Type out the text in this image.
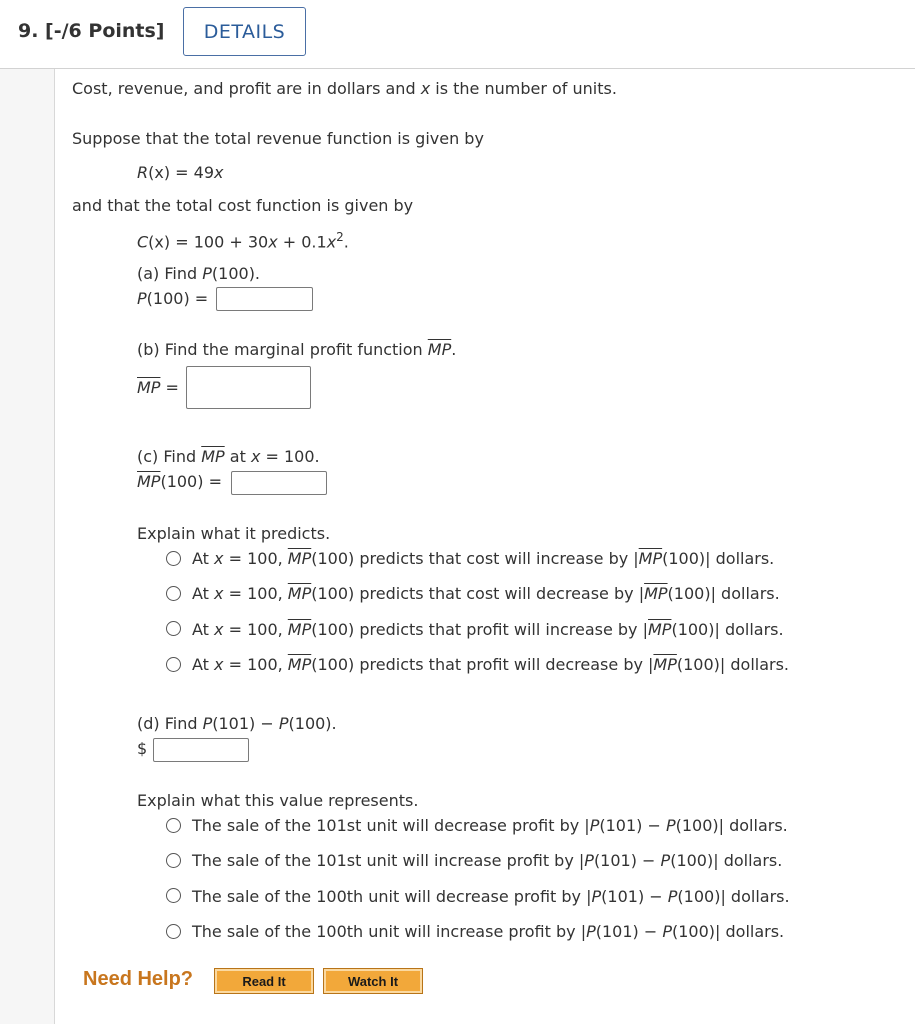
9. [-/6 Points]	DETAILS
Cost, revenue, and profit are in dollars and x is the number of units.
Suppose that the total revenue function is given by
R(x) = 49x
and that the total cost function is given by
$C(x) = 100 + 30x + 0.1x^2$.
(a) Find P(100).
P(100) =
(b) Find the marginal profit function $\overline{MP}$.
$\overline{MP}$ =
(c) Find $\overline{MP}$ at x = 100.
$\overline{MP}(100)$ =
Explain what it predicts.
At x = 100, $\overline{MP}(100)$ predicts that cost will increase by $|\overline{MP}(100)|$ dollars.
At x = 100, $\overline{MP}(100)$ predicts that cost will decrease by $|\overline{MP}(100)|$ dollars.
At x = 100, $\overline{MP}(100)$ predicts that profit will increase by $|\overline{MP}(100)|$ dollars.
At x = 100, $\overline{MP}(100)$ predicts that profit will decrease by $|\overline{MP}(100)|$ dollars.
(d) Find P(101) − P(100).
$
Explain what this value represents.
The sale of the 101st unit will decrease profit by |P(101) − P(100)| dollars.
The sale of the 101st unit will increase profit by |P(101) − P(100)| dollars.
The sale of the 100th unit will decrease profit by |P(101) − P(100)| dollars.
The sale of the 100th unit will increase profit by |P(101) − P(100)| dollars.
Need Help?	Read It	Watch It
